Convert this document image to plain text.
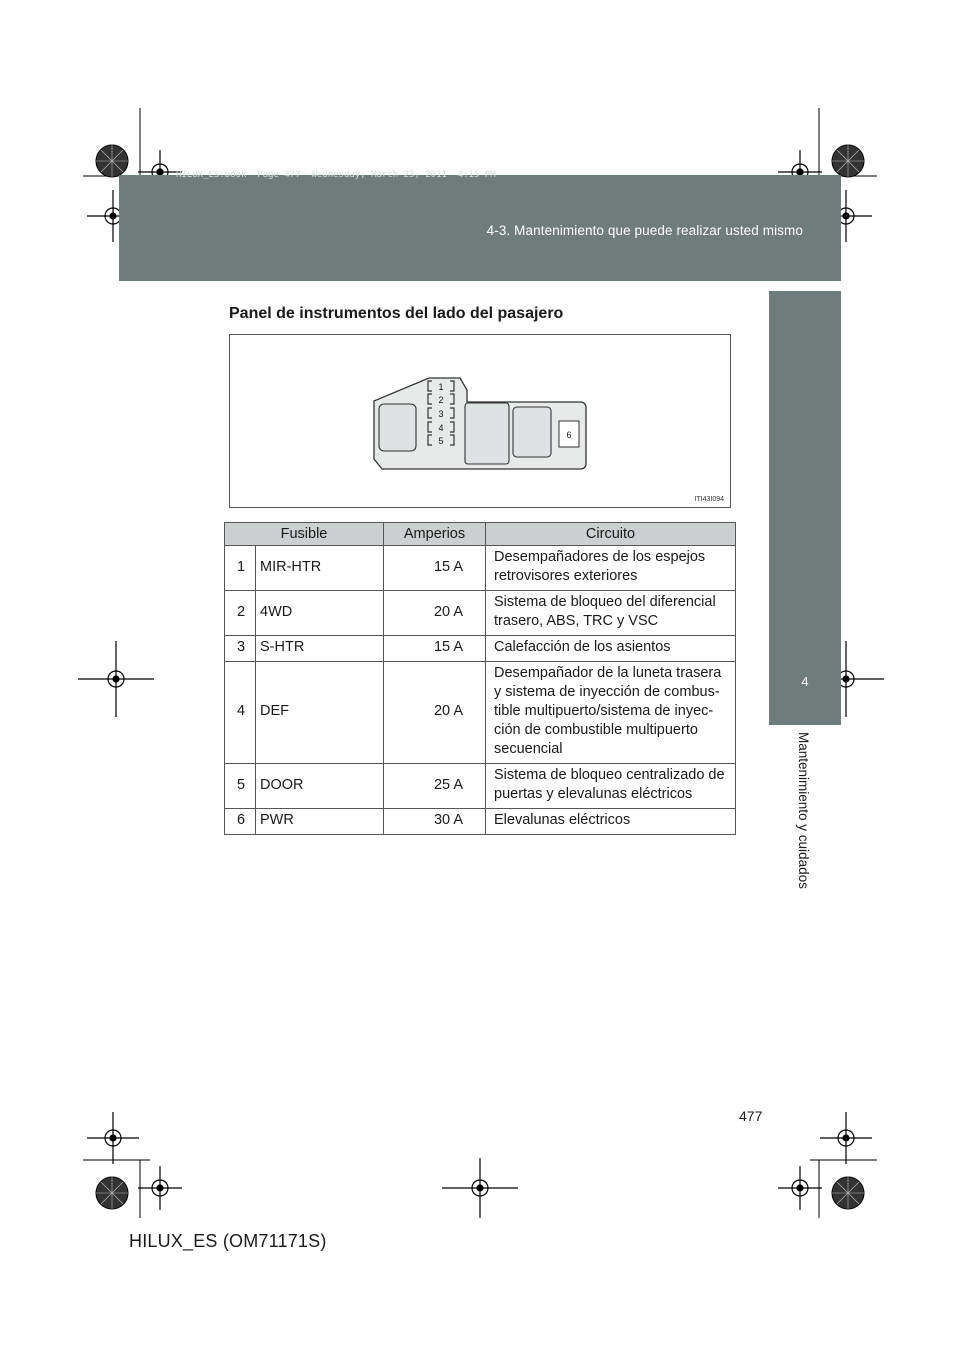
4-3. Mantenimiento que puede realizar usted mismo
HILUX_ES.book  Page 477  Wednesday, March 23, 2011  4:15 PM
4
Mantenimiento y cuidados
Panel de instrumentos del lado del pasajero
1
2
3
4
5
6
ITI43I094
Fusible		Amperios	Circuito
1	MIR-HTR	15 A	Desempañadores de los espejos retrovisores exteriores
2	4WD	20 A	Sistema de bloqueo del diferencial trasero, ABS, TRC y VSC
3	S-HTR	15 A	Calefacción de los asientos
4	DEF	20 A	Desempañador de la luneta trasera y sistema de inyección de combus-tible multipuerto/sistema de inyec-ción de combustible multipuerto secuencial
5	DOOR	25 A	Sistema de bloqueo centralizado de puertas y elevalunas eléctricos
6	PWR	30 A	Elevalunas eléctricos
477
HILUX_ES (OM71171S)
